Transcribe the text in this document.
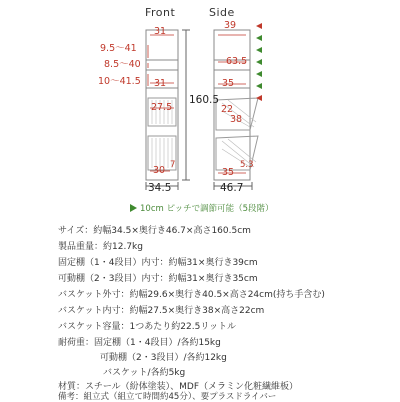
Front	Side
31
9.5～41
8.5～40
10～41.5 31
27.5
30 7
160.5
34.5
39
63.5
35
22
38
5.3
35
46.7
10cm ピッチで調節可能（5段階）
サイズ：約幅34.5×奥行き46.7×高さ160.5cm
製品重量：約12.7kg
固定棚（1・4段目）内寸：約幅31×奥行き39cm
可動棚（2・3段目）内寸：約幅31×奥行き35cm
バスケット外寸：約幅29.6×奥行き40.5×高さ24cm(持ち手含む)
バスケット内寸：約幅27.5×奥行き38×高さ22cm
バスケット容量：1つあたり約22.5リットル
耐荷重：固定棚（1・4段目）/各約15kg
可動棚（2・3段目）/各約12kg
バスケット/各約5kg
材質：スチール（紛体塗装）、MDF（メラミン化粧繊維板）
備考：組立式（組立て時間約45分）、要プラスドライバー
